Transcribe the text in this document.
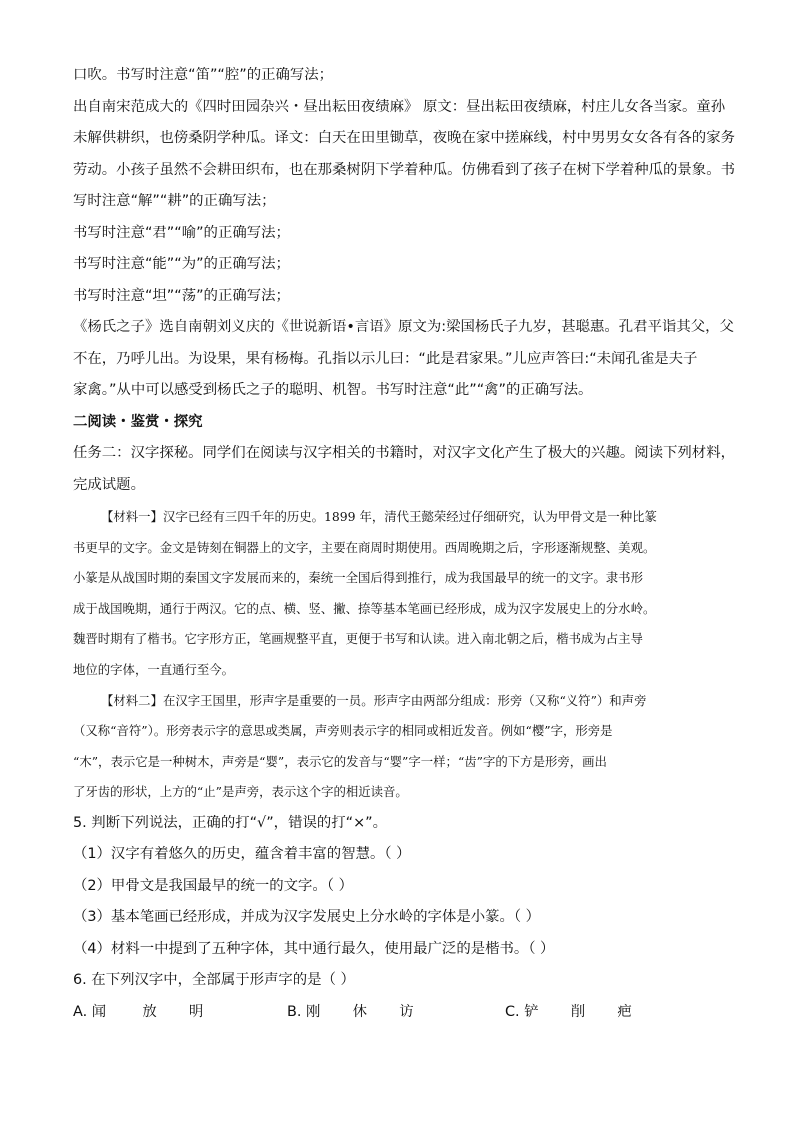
口吹。书写时注意“笛”“腔”的正确写法；
出自南宋范成大的《四时田园杂兴・昼出耘田夜绩麻》 原文：昼出耘田夜绩麻，村庄儿女各当家。童孙
未解供耕织，也傍桑阴学种瓜。译文：白天在田里锄草，夜晚在家中搓麻线，村中男男女女各有各的家务
劳动。小孩子虽然不会耕田织布，也在那桑树阴下学着种瓜。仿佛看到了孩子在树下学着种瓜的景象。书
写时注意“解”“耕”的正确写法；
书写时注意“君”“喻”的正确写法；
书写时注意“能”“为”的正确写法；
书写时注意“坦”“荡”的正确写法；
《杨氏之子》选自南朝刘义庆的《世说新语•言语》原文为:梁国杨氏子九岁，甚聪惠。孔君平诣其父，父
不在，乃呼儿出。为设果，果有杨梅。孔指以示儿曰：“此是君家果。”儿应声答曰:“未闻孔雀是夫子
家禽。”从中可以感受到杨氏之子的聪明、机智。书写时注意“此”“禽”的正确写法。
二阅读・鉴赏・探究
任务二：汉字探秘。同学们在阅读与汉字相关的书籍时，对汉字文化产生了极大的兴趣。阅读下列材料，
完成试题。
【材料一】汉字已经有三四千年的历史。1899 年，清代王懿荣经过仔细研究，认为甲骨文是一种比篆
书更早的文字。金文是铸刻在铜器上的文字，主要在商周时期使用。西周晚期之后，字形逐渐规整、美观。
小篆是从战国时期的秦国文字发展而来的，秦统一全国后得到推行，成为我国最早的统一的文字。隶书形
成于战国晚期，通行于两汉。它的点、横、竖、撇、捺等基本笔画已经形成，成为汉字发展史上的分水岭。
魏晋时期有了楷书。它字形方正，笔画规整平直，更便于书写和认读。进入南北朝之后，楷书成为占主导
地位的字体，一直通行至今。
【材料二】在汉字王国里，形声字是重要的一员。形声字由两部分组成：形旁（又称“义符”）和声旁
（又称“音符”）。形旁表示字的意思或类属，声旁则表示字的相同或相近发音。例如“樱”字，形旁是
“木”，表示它是一种树木，声旁是“婴”，表示它的发音与“婴”字一样；“齿”字的下方是形旁，画出
了牙齿的形状，上方的“止”是声旁，表示这个字的相近读音。
5. 判断下列说法，正确的打“√”，错误的打“×”。
（1）汉字有着悠久的历史，蕴含着丰富的智慧。（ ）
（2）甲骨文是我国最早的统一的文字。（ ）
（3）基本笔画已经形成，并成为汉字发展史上分水岭的字体是小篆。（ ）
（4）材料一中提到了五种字体，其中通行最久，使用最广泛的是楷书。（ ）
6. 在下列汉字中，全部属于形声字的是（ ）
A. 闻	放 明	B. 刚 休 访	C. 铲 削 疤
